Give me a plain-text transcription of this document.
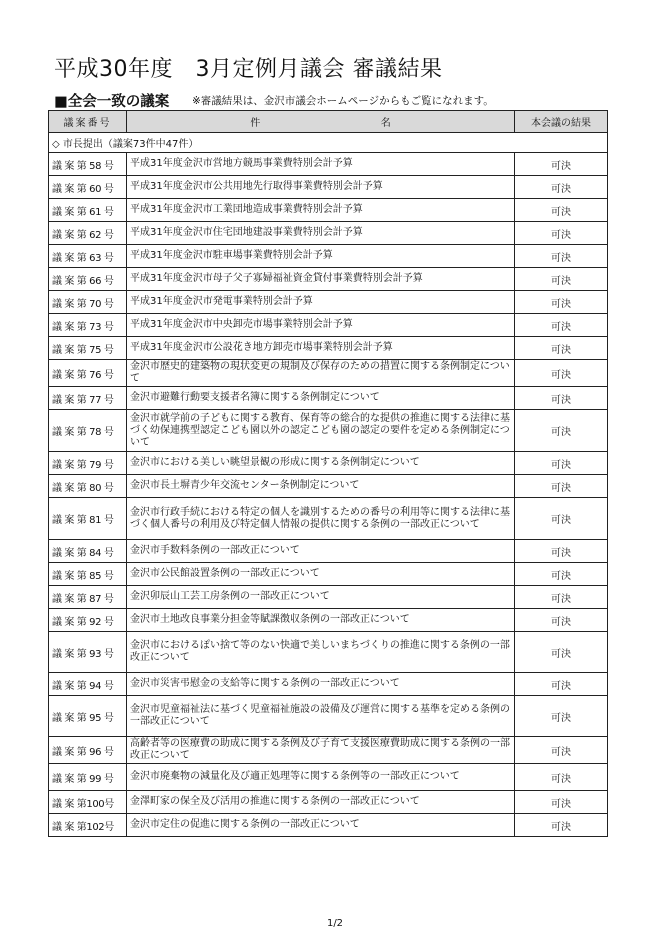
平成30年度　3月定例月議会 審議結果
■全会一致の議案 ※審議結果は、金沢市議会ホームページからもご覧になれます。
議案番号	件 名	本会議の結果
◇ 市長提出（議案73件中47件）		
議 案 第 58 号	平成31年度金沢市営地方競馬事業費特別会計予算	可決
議 案 第 60 号	平成31年度金沢市公共用地先行取得事業費特別会計予算	可決
議 案 第 61 号	平成31年度金沢市工業団地造成事業費特別会計予算	可決
議 案 第 62 号	平成31年度金沢市住宅団地建設事業費特別会計予算	可決
議 案 第 63 号	平成31年度金沢市駐車場事業費特別会計予算	可決
議 案 第 66 号	平成31年度金沢市母子父子寡婦福祉資金貸付事業費特別会計予算	可決
議 案 第 70 号	平成31年度金沢市発電事業特別会計予算	可決
議 案 第 73 号	平成31年度金沢市中央卸売市場事業特別会計予算	可決
議 案 第 75 号	平成31年度金沢市公設花き地方卸売市場事業特別会計予算	可決
議 案 第 76 号	金沢市歴史的建築物の現状変更の規制及び保存のための措置に関する条例制定について	可決
議 案 第 77 号	金沢市避難行動要支援者名簿に関する条例制定について	可決
議 案 第 78 号	金沢市就学前の子どもに関する教育、保育等の総合的な提供の推進に関する法律に基づく幼保連携型認定こども園以外の認定こども園の認定の要件を定める条例制定について	可決
議 案 第 79 号	金沢市における美しい眺望景観の形成に関する条例制定について	可決
議 案 第 80 号	金沢市長土塀青少年交流センター条例制定について	可決
議 案 第 81 号	金沢市行政手続における特定の個人を識別するための番号の利用等に関する法律に基づく個人番号の利用及び特定個人情報の提供に関する条例の一部改正について	可決
議 案 第 84 号	金沢市手数料条例の一部改正について	可決
議 案 第 85 号	金沢市公民館設置条例の一部改正について	可決
議 案 第 87 号	金沢卯辰山工芸工房条例の一部改正について	可決
議 案 第 92 号	金沢市土地改良事業分担金等賦課徴収条例の一部改正について	可決
議 案 第 93 号	金沢市におけるぽい捨て等のない快適で美しいまちづくりの推進に関する条例の一部改正について	可決
議 案 第 94 号	金沢市災害弔慰金の支給等に関する条例の一部改正について	可決
議 案 第 95 号	金沢市児童福祉法に基づく児童福祉施設の設備及び運営に関する基準を定める条例の一部改正について	可決
議 案 第 96 号	高齢者等の医療費の助成に関する条例及び子育て支援医療費助成に関する条例の一部改正について	可決
議 案 第 99 号	金沢市廃棄物の減量化及び適正処理等に関する条例等の一部改正について	可決
議 案 第100号	金澤町家の保全及び活用の推進に関する条例の一部改正について	可決
議 案 第102号	金沢市定住の促進に関する条例の一部改正について	可決
1/2
